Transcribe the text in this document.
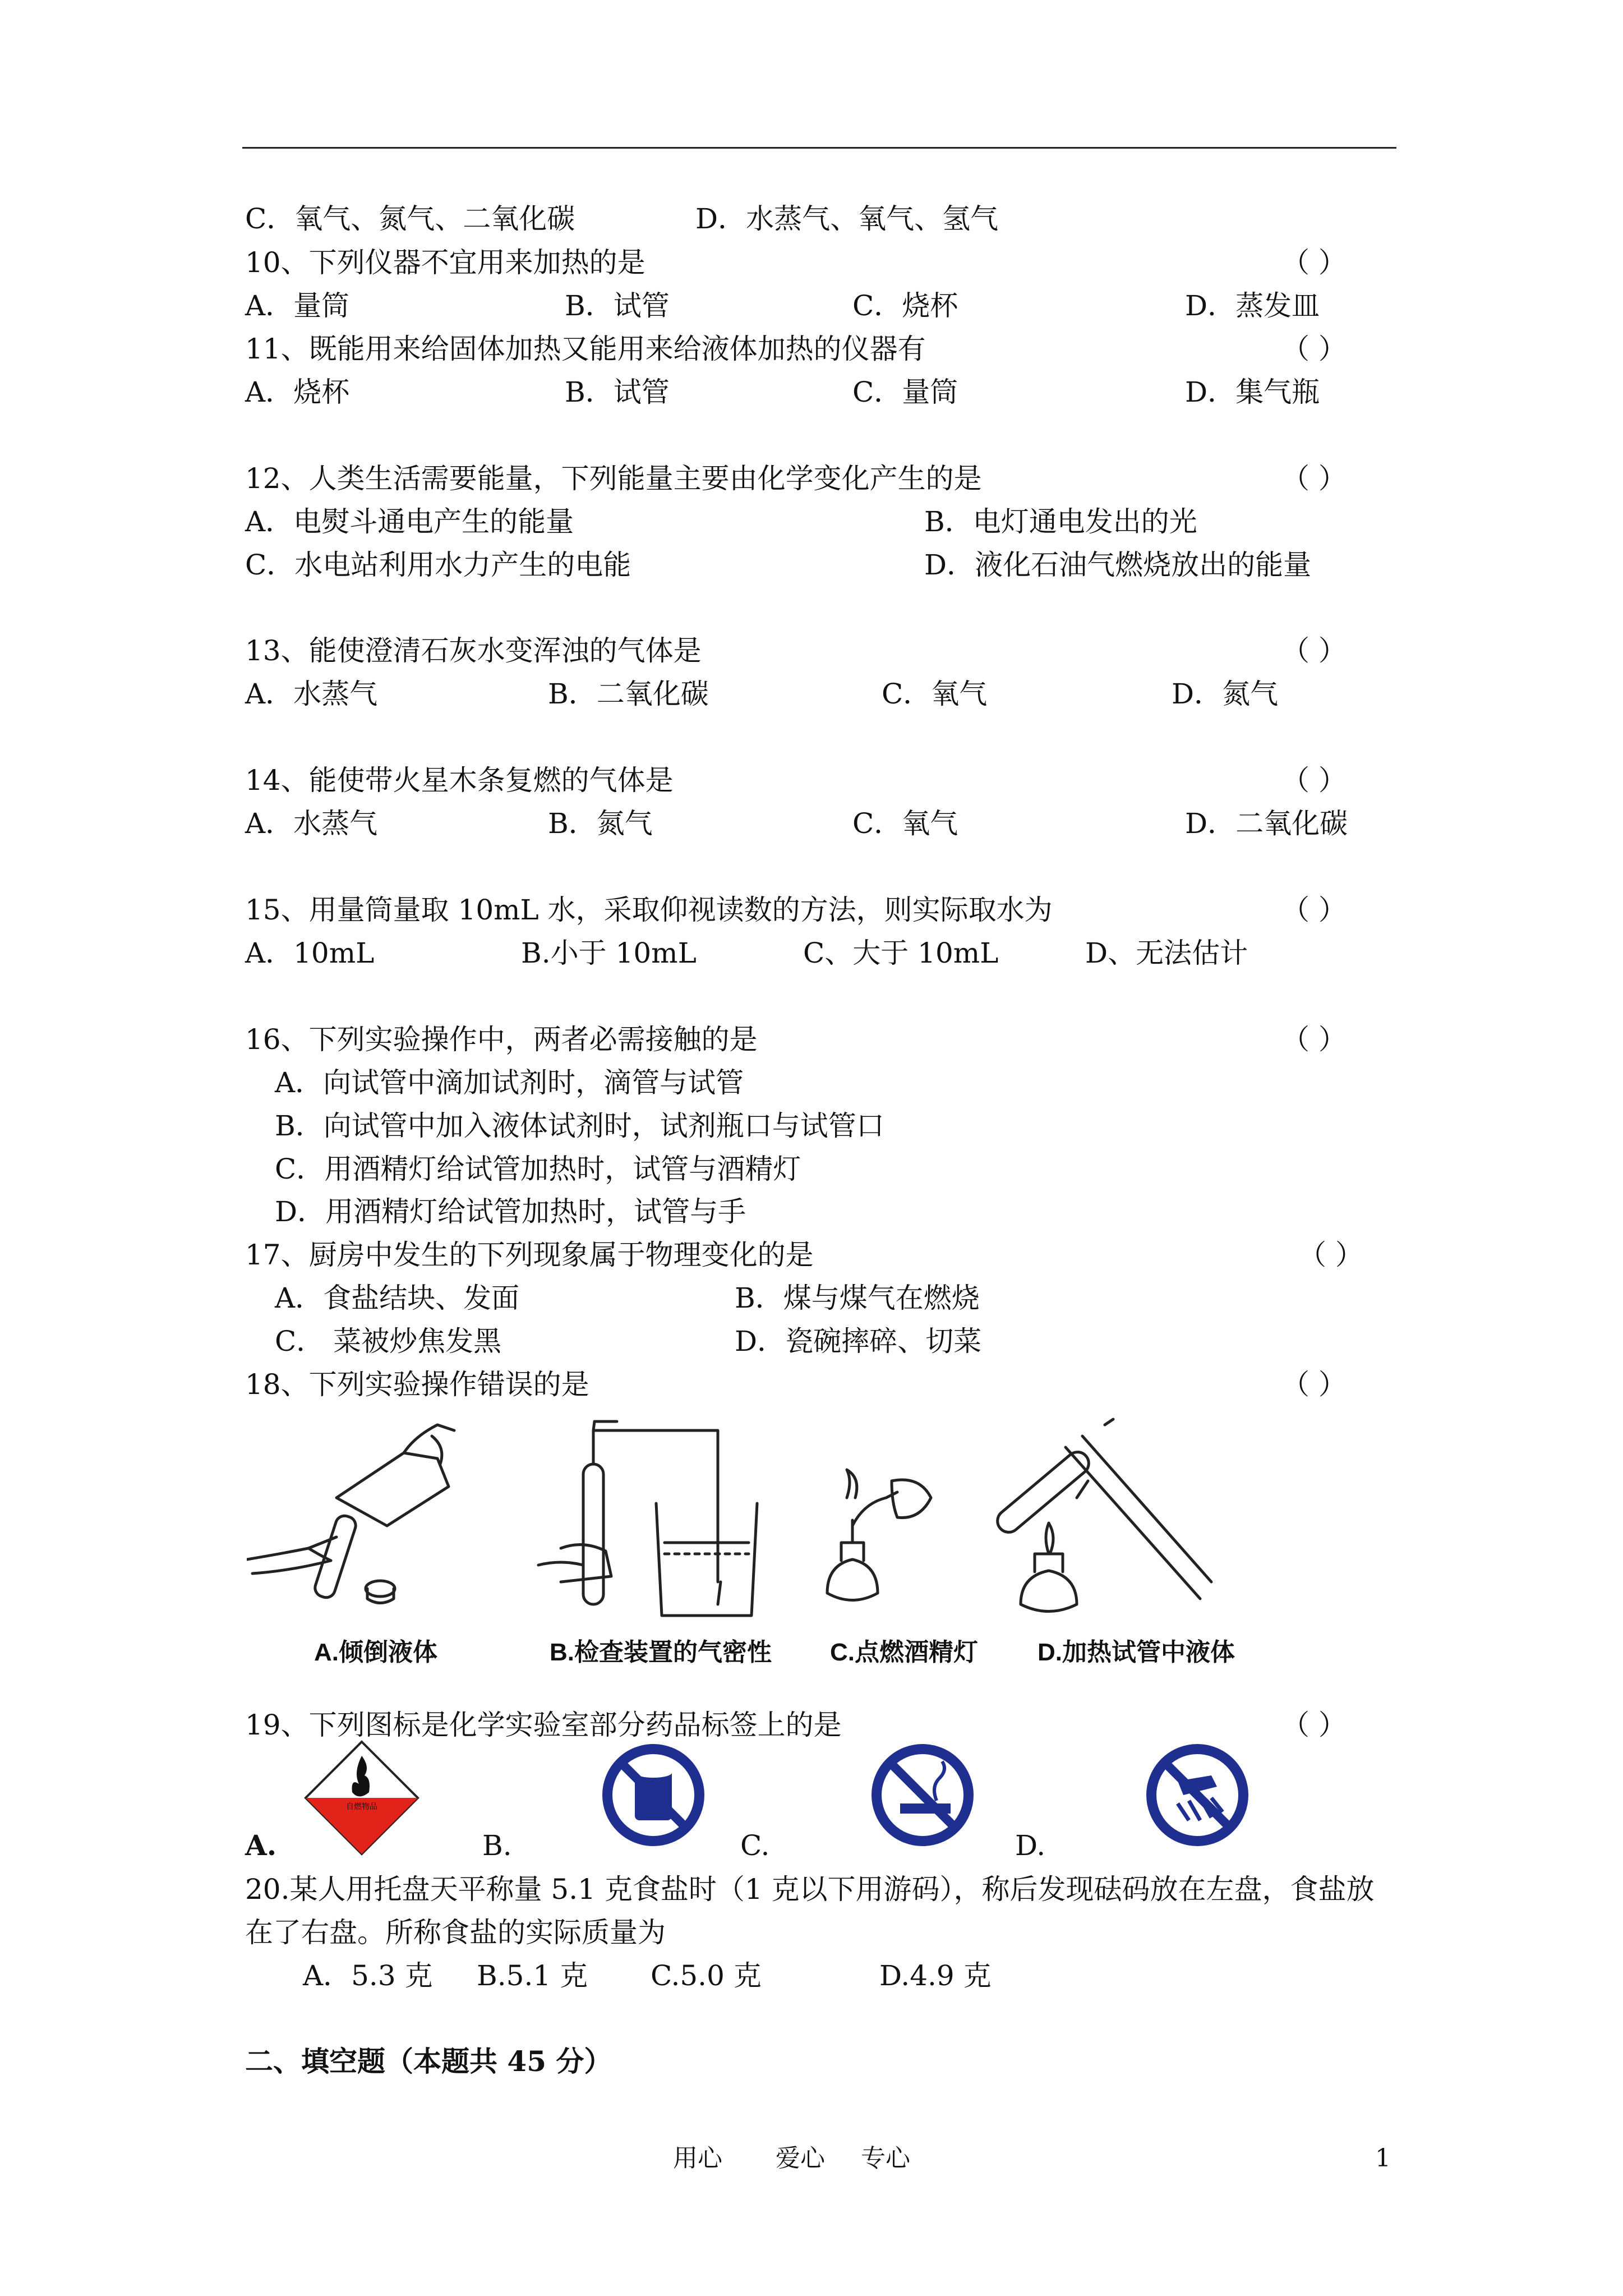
C．氧气、氮气、二氧化碳	D．水蒸气、氧气、氢气
10、下列仪器不宜用来加热的是	（ ）
A．量筒	B．试管	C．烧杯	D．蒸发皿
11、既能用来给固体加热又能用来给液体加热的仪器有	（ ）
A．烧杯	B．试管	C．量筒	D．集气瓶
12、人类生活需要能量，下列能量主要由化学变化产生的是	（ ）
A．电熨斗通电产生的能量	B．电灯通电发出的光
C．水电站利用水力产生的电能	D．液化石油气燃烧放出的能量
13、能使澄清石灰水变浑浊的气体是	（ ）
A．水蒸气	B．二氧化碳	C．氧气	D．氮气
14、能使带火星木条复燃的气体是	（ ）
A．水蒸气	B．氮气	C．氧气	D．二氧化碳
15、用量筒量取 10mL 水，采取仰视读数的方法，则实际取水为	（ ）
A．10mL	B.小于 10mL	C、大于 10mL	D、无法估计
16、下列实验操作中，两者必需接触的是	（ ）
A．向试管中滴加试剂时，滴管与试管
B．向试管中加入液体试剂时，试剂瓶口与试管口
C．用酒精灯给试管加热时，试管与酒精灯
D．用酒精灯给试管加热时，试管与手
17、厨房中发生的下列现象属于物理变化的是	（ ）
A．食盐结块、发面	B．煤与煤气在燃烧
C． 菜被炒焦发黑	D．瓷碗摔碎、切菜
18、下列实验操作错误的是	（ ）
A.倾倒液体	B.检查装置的气密性 C.点燃酒精灯 D.加热试管中液体
19、下列图标是化学实验室部分药品标签上的是	（ ）
自燃物品
A.	B.	C.	D.
20.某人用托盘天平称量 5.1 克食盐时（1 克以下用游码），称后发现砝码放在左盘，食盐放
在了右盘。所称食盐的实际质量为
A．5.3 克 B.5.1 克 C.5.0 克	D.4.9 克
二、填空题（本题共 45 分）
用心 爱心 专心	1
